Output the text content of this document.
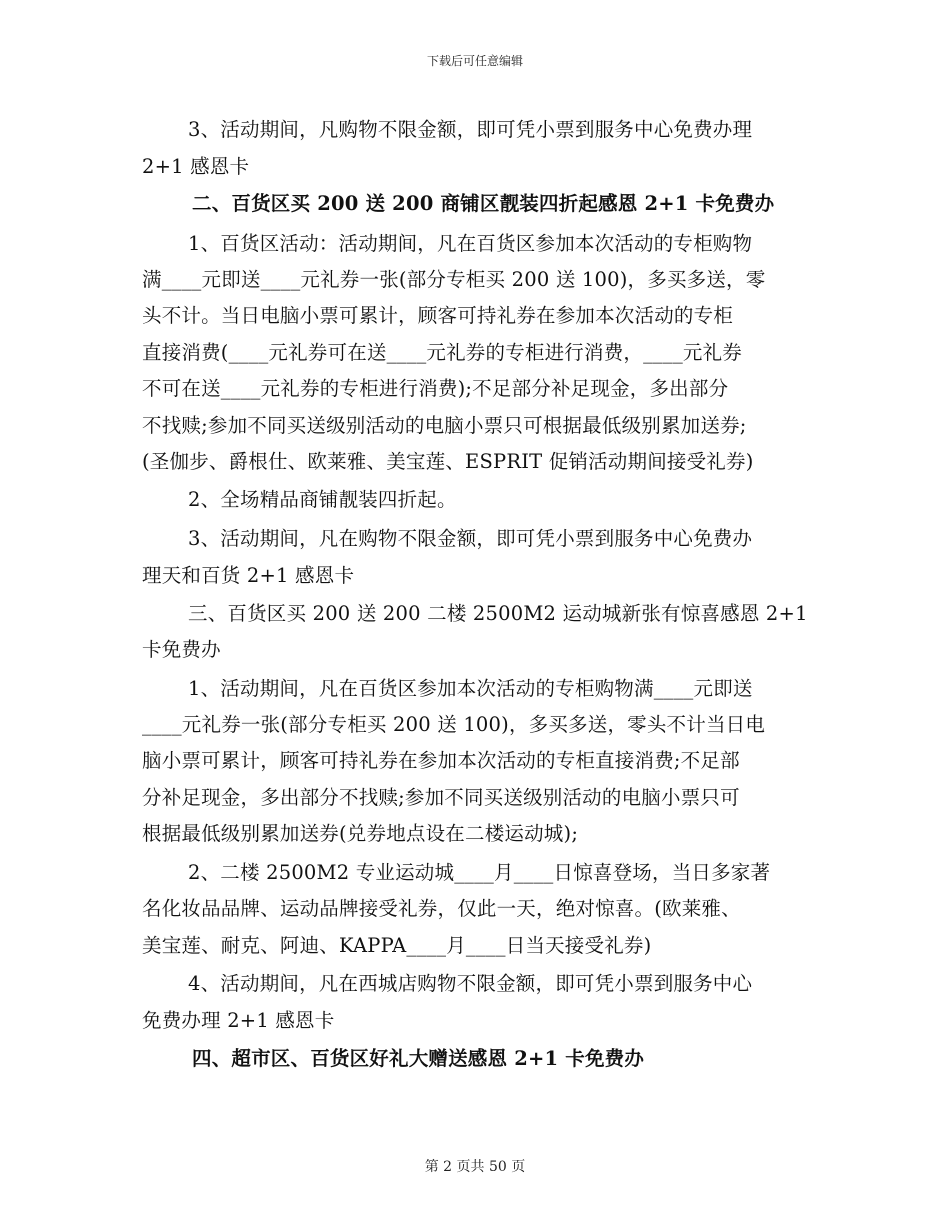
下载后可任意编辑
3、活动期间，凡购物不限金额，即可凭小票到服务中心免费办理
2+1 感恩卡
二、百货区买 200 送 200 商铺区靓装四折起感恩 2+1 卡免费办
1、百货区活动：活动期间，凡在百货区参加本次活动的专柜购物
满____元即送____元礼券一张(部分专柜买 200 送 100)，多买多送，零
头不计。当日电脑小票可累计，顾客可持礼券在参加本次活动的专柜
直接消费(____元礼券可在送____元礼券的专柜进行消费，____元礼券
不可在送____元礼券的专柜进行消费);不足部分补足现金，多出部分
不找赎;参加不同买送级别活动的电脑小票只可根据最低级别累加送券;
(圣伽步、爵根仕、欧莱雅、美宝莲、ESPRIT 促销活动期间接受礼券)
2、全场精品商铺靓装四折起。
3、活动期间，凡在购物不限金额，即可凭小票到服务中心免费办
理天和百货 2+1 感恩卡
三、百货区买 200 送 200 二楼 2500M2 运动城新张有惊喜感恩 2+1
卡免费办
1、活动期间，凡在百货区参加本次活动的专柜购物满____元即送
____元礼券一张(部分专柜买 200 送 100)，多买多送，零头不计当日电
脑小票可累计，顾客可持礼券在参加本次活动的专柜直接消费;不足部
分补足现金，多出部分不找赎;参加不同买送级别活动的电脑小票只可
根据最低级别累加送券(兑券地点设在二楼运动城);
2、二楼 2500M2 专业运动城____月____日惊喜登场，当日多家著
名化妆品品牌、运动品牌接受礼券，仅此一天，绝对惊喜。(欧莱雅、
美宝莲、耐克、阿迪、KAPPA____月____日当天接受礼券)
4、活动期间，凡在西城店购物不限金额，即可凭小票到服务中心
免费办理 2+1 感恩卡
四、超市区、百货区好礼大赠送感恩 2+1 卡免费办
第 2 页共 50 页
